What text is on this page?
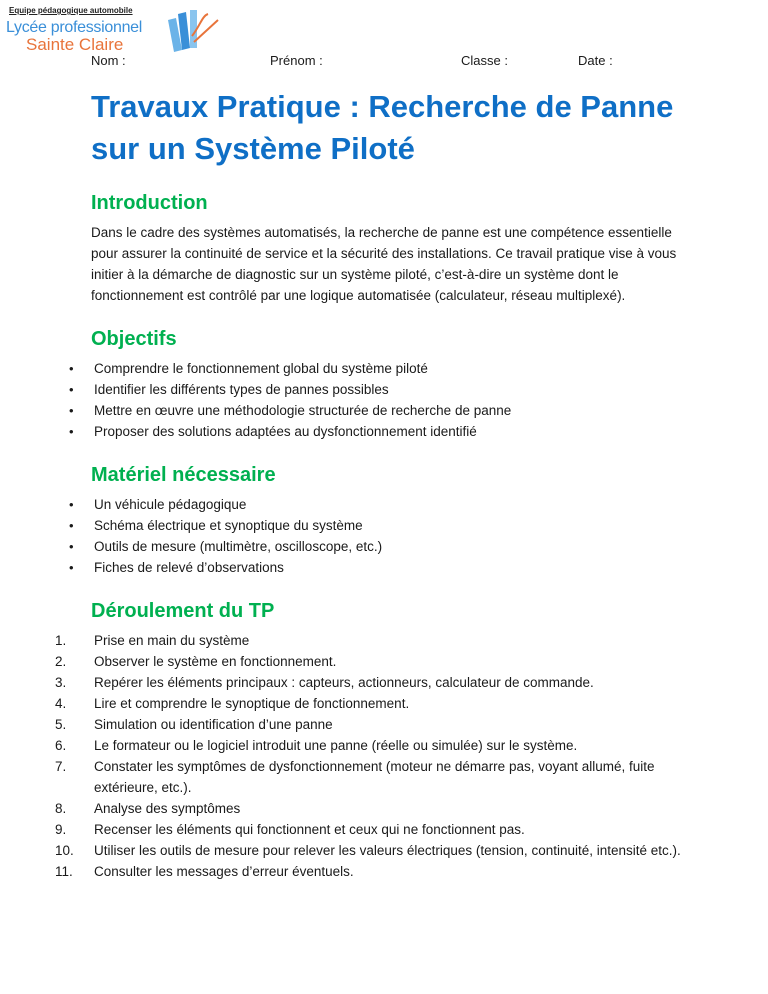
Equipe pédagogique automobile
Lycée professionnel
Sainte Claire
Nom :	Prénom :	Classe :	Date :
Travaux Pratique : Recherche de Panne sur un Système Piloté
Introduction

Dans le cadre des systèmes automatisés, la recherche de panne est une compétence essentielle pour assurer la continuité de service et la sécurité des installations. Ce travail pratique vise à vous initier à la démarche de diagnostic sur un système piloté, c’est-à-dire un système dont le fonctionnement est contrôlé par une logique automatisée (calculateur, réseau multiplexé).

Objectifs
• Comprendre le fonctionnement global du système piloté
• Identifier les différents types de pannes possibles
• Mettre en œuvre une méthodologie structurée de recherche de panne
• Proposer des solutions adaptées au dysfonctionnement identifié
Matériel nécessaire
• Un véhicule pédagogique
• Schéma électrique et synoptique du système
• Outils de mesure (multimètre, oscilloscope, etc.)
• Fiches de relevé d’observations
Déroulement du TP
1.	Prise en main du système
2.	Observer le système en fonctionnement.
3.	Repérer les éléments principaux : capteurs, actionneurs, calculateur de commande.
4.	Lire et comprendre le synoptique de fonctionnement.
5.	Simulation ou identification d’une panne
6.	Le formateur ou le logiciel introduit une panne (réelle ou simulée) sur le système.
7.	Constater les symptômes de dysfonctionnement (moteur ne démarre pas, voyant allumé, fuite extérieure, etc.).
8.	Analyse des symptômes
9.	Recenser les éléments qui fonctionnent et ceux qui ne fonctionnent pas.
10.	Utiliser les outils de mesure pour relever les valeurs électriques (tension, continuité, intensité etc.).
11.	Consulter les messages d’erreur éventuels.
